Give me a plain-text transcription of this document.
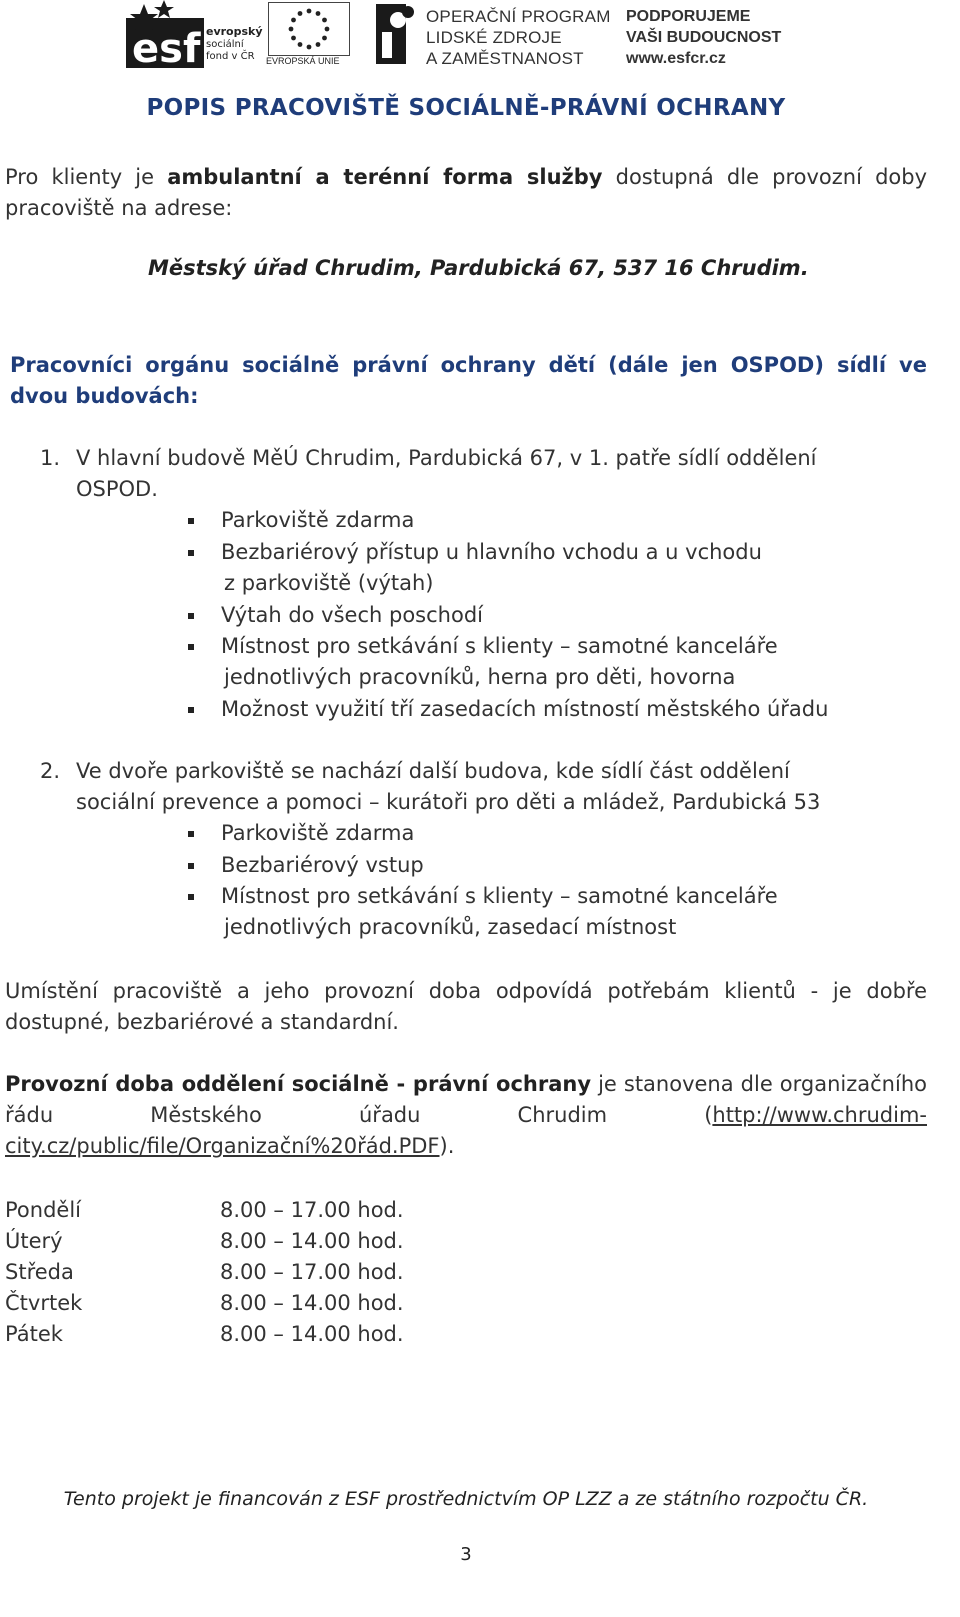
esf evropský
sociální
fond v ČR	EVROPSKÁ UNIE
OPERAČNÍ PROGRAM
LIDSKÉ ZDROJE
A ZAMĚSTNANOST
PODPORUJEME
VAŠI BUDOUCNOST
www.esfcr.cz
POPIS PRACOVIŠTĚ SOCIÁLNĚ-PRÁVNÍ OCHRANY

Pro klienty je ambulantní a terénní forma služby dostupná dle provozní doby pracoviště na adrese:

Městský úřad Chrudim, Pardubická 67, 537 16 Chrudim.

Pracovníci orgánu sociálně právní ochrany dětí (dále jen OSPOD) sídlí ve dvou budovách:

1. V hlavní budově MěÚ Chrudim, Pardubická 67, v 1. patře sídlí oddělení
OSPOD.
Parkoviště zdarma
Bezbariérový přístup u hlavního vchodu a u vchodu
z parkoviště (výtah)
Výtah do všech poschodí
Místnost pro setkávání s klienty – samotné kanceláře
jednotlivých pracovníků, herna pro děti, hovorna
Možnost využití tří zasedacích místností městského úřadu
2. Ve dvoře parkoviště se nachází další budova, kde sídlí část oddělení
sociální prevence a pomoci – kurátoři pro děti a mládež, Pardubická 53
Parkoviště zdarma
Bezbariérový vstup
Místnost pro setkávání s klienty – samotné kanceláře
jednotlivých pracovníků, zasedací místnost

Umístění pracoviště a jeho provozní doba odpovídá potřebám klientů - je dobře dostupné, bezbariérové a standardní.

Provozní doba oddělení sociálně - právní ochrany je stanovena dle organizačního řádu Městského úřadu Chrudim (http://www.chrudim-city.cz/public/file/Organizační%20řád.PDF).

Pondělí	8.00 – 17.00 hod.
Úterý	8.00 – 14.00 hod.
Středa	8.00 – 17.00 hod.
Čtvrtek	8.00 – 14.00 hod.
Pátek	8.00 – 14.00 hod.
Tento projekt je financován z ESF prostřednictvím OP LZZ a ze státního rozpočtu ČR.
3
